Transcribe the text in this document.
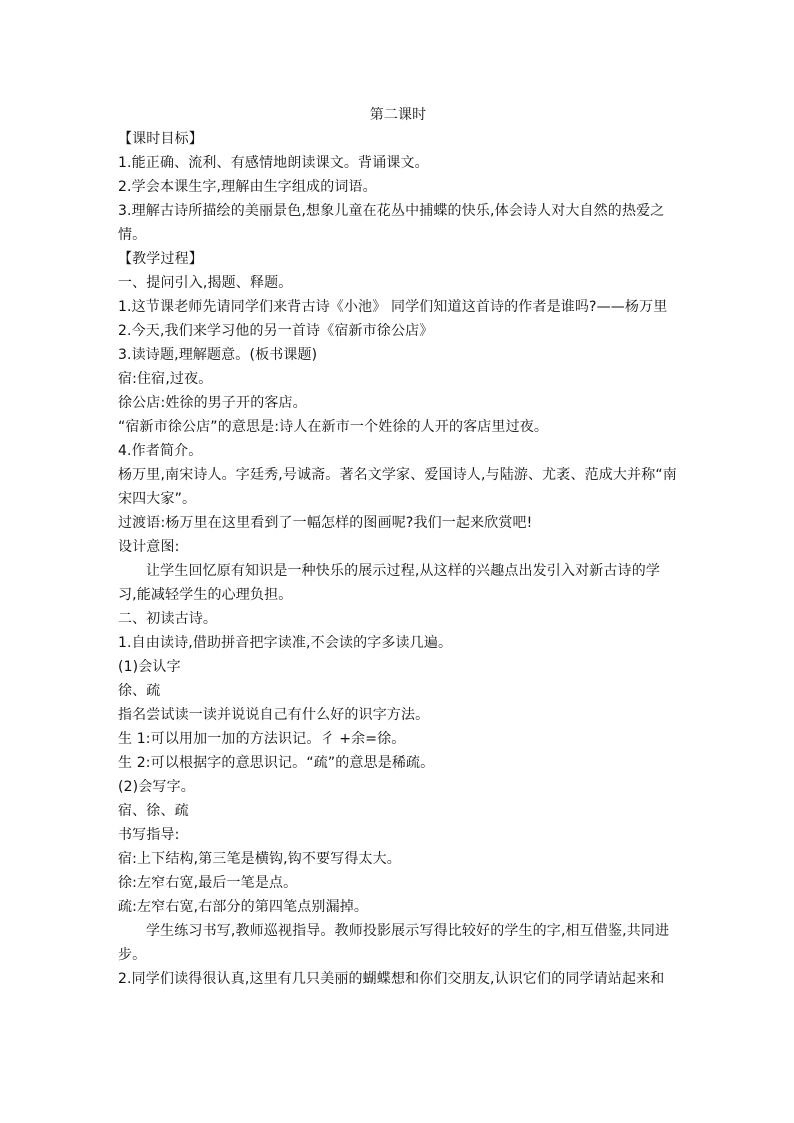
第二课时

【课时目标】

1.能正确、流利、有感情地朗读课文。背诵课文。

2.学会本课生字,理解由生字组成的词语。

3.理解古诗所描绘的美丽景色,想象儿童在花丛中捕蝶的快乐,体会诗人对大自然的热爱之情。

【教学过程】

一、提问引入,揭题、释题。

1.这节课老师先请同学们来背古诗《小池》 同学们知道这首诗的作者是谁吗?——杨万里

2.今天,我们来学习他的另一首诗《宿新市徐公店》

3.读诗题,理解题意。(板书课题)

宿:住宿,过夜。

徐公店:姓徐的男子开的客店。

“宿新市徐公店”的意思是:诗人在新市一个姓徐的人开的客店里过夜。

4.作者简介。

杨万里,南宋诗人。字廷秀,号诚斋。著名文学家、爱国诗人,与陆游、尤袤、范成大并称“南宋四大家”。

过渡语:杨万里在这里看到了一幅怎样的图画呢?我们一起来欣赏吧!

设计意图:

让学生回忆原有知识是一种快乐的展示过程,从这样的兴趣点出发引入对新古诗的学习,能减轻学生的心理负担。

二、初读古诗。

1.自由读诗,借助拼音把字读准,不会读的字多读几遍。

(1)会认字

徐、疏

指名尝试读一读并说说自己有什么好的识字方法。

生 1:可以用加一加的方法识记。彳 +余=徐。

生 2:可以根据字的意思识记。“疏”的意思是稀疏。

(2)会写字。

宿、徐、疏

书写指导:

宿:上下结构,第三笔是横钩,钩不要写得太大。

徐:左窄右宽,最后一笔是点。

疏:左窄右宽,右部分的第四笔点别漏掉。

学生练习书写,教师巡视指导。教师投影展示写得比较好的学生的字,相互借鉴,共同进步。

2.同学们读得很认真,这里有几只美丽的蝴蝶想和你们交朋友,认识它们的同学请站起来和
